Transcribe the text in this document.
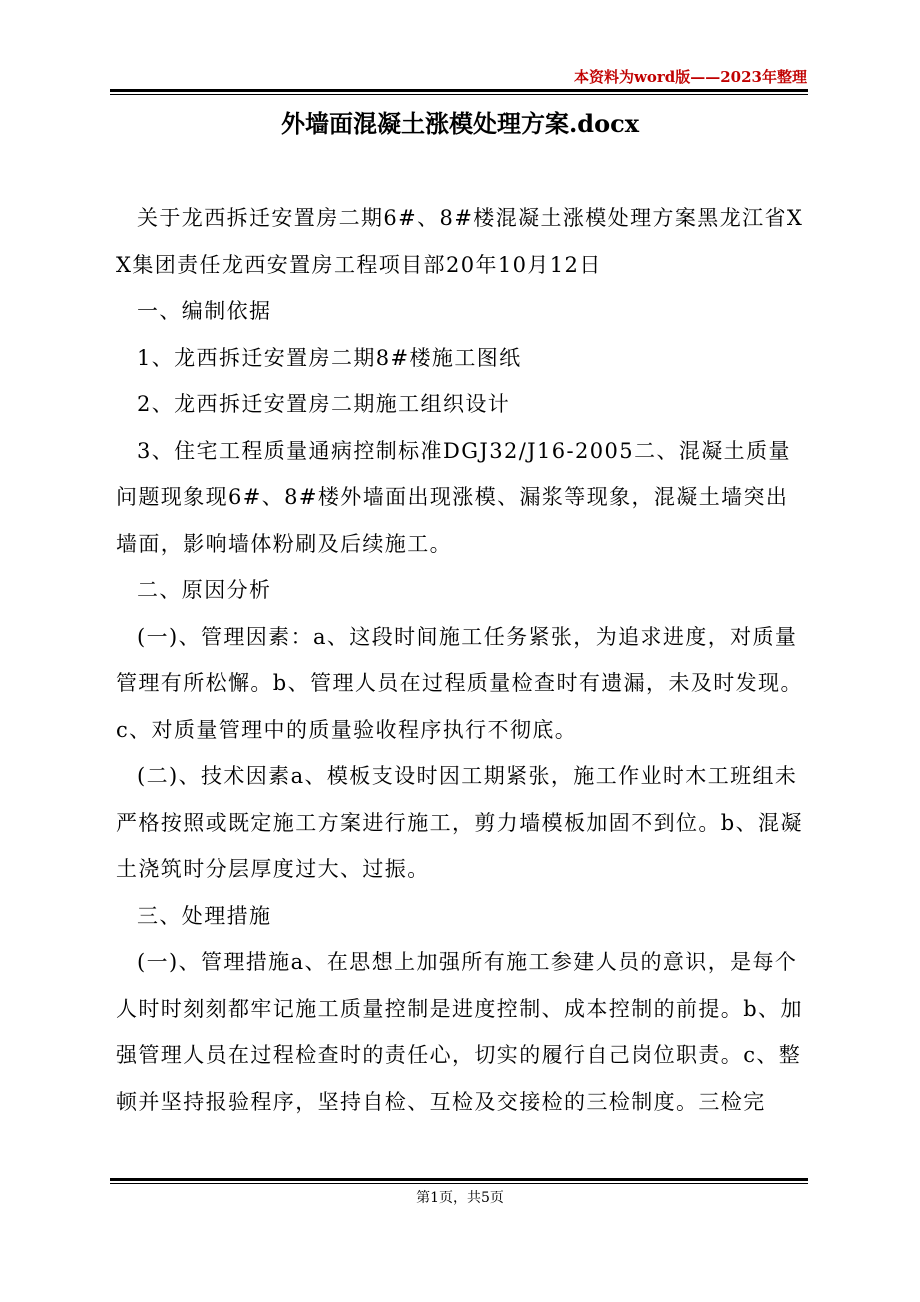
本资料为word版——2023年整理
外墙面混凝土涨模处理方案.docx

关于龙西拆迁安置房二期6#、8#楼混凝土涨模处理方案黑龙江省XX集团责任龙西安置房工程项目部20年10月12日

一、编制依据

1、龙西拆迁安置房二期8#楼施工图纸

2、龙西拆迁安置房二期施工组织设计

3、住宅工程质量通病控制标准DGJ32/J16-2005二、混凝土质量问题现象现6#、8#楼外墙面出现涨模、漏浆等现象，混凝土墙突出墙面，影响墙体粉刷及后续施工。

二、原因分析

(一)、管理因素：a、这段时间施工任务紧张，为追求进度，对质量管理有所松懈。b、管理人员在过程质量检查时有遗漏，未及时发现。c、对质量管理中的质量验收程序执行不彻底。

(二)、技术因素a、模板支设时因工期紧张，施工作业时木工班组未严格按照或既定施工方案进行施工，剪力墙模板加固不到位。b、混凝土浇筑时分层厚度过大、过振。

三、处理措施

(一)、管理措施a、在思想上加强所有施工参建人员的意识，是每个人时时刻刻都牢记施工质量控制是进度控制、成本控制的前提。b、加强管理人员在过程检查时的责任心，切实的履行自己岗位职责。c、整顿并坚持报验程序，坚持自检、互检及交接检的三检制度。三检完

第1页，共5页
